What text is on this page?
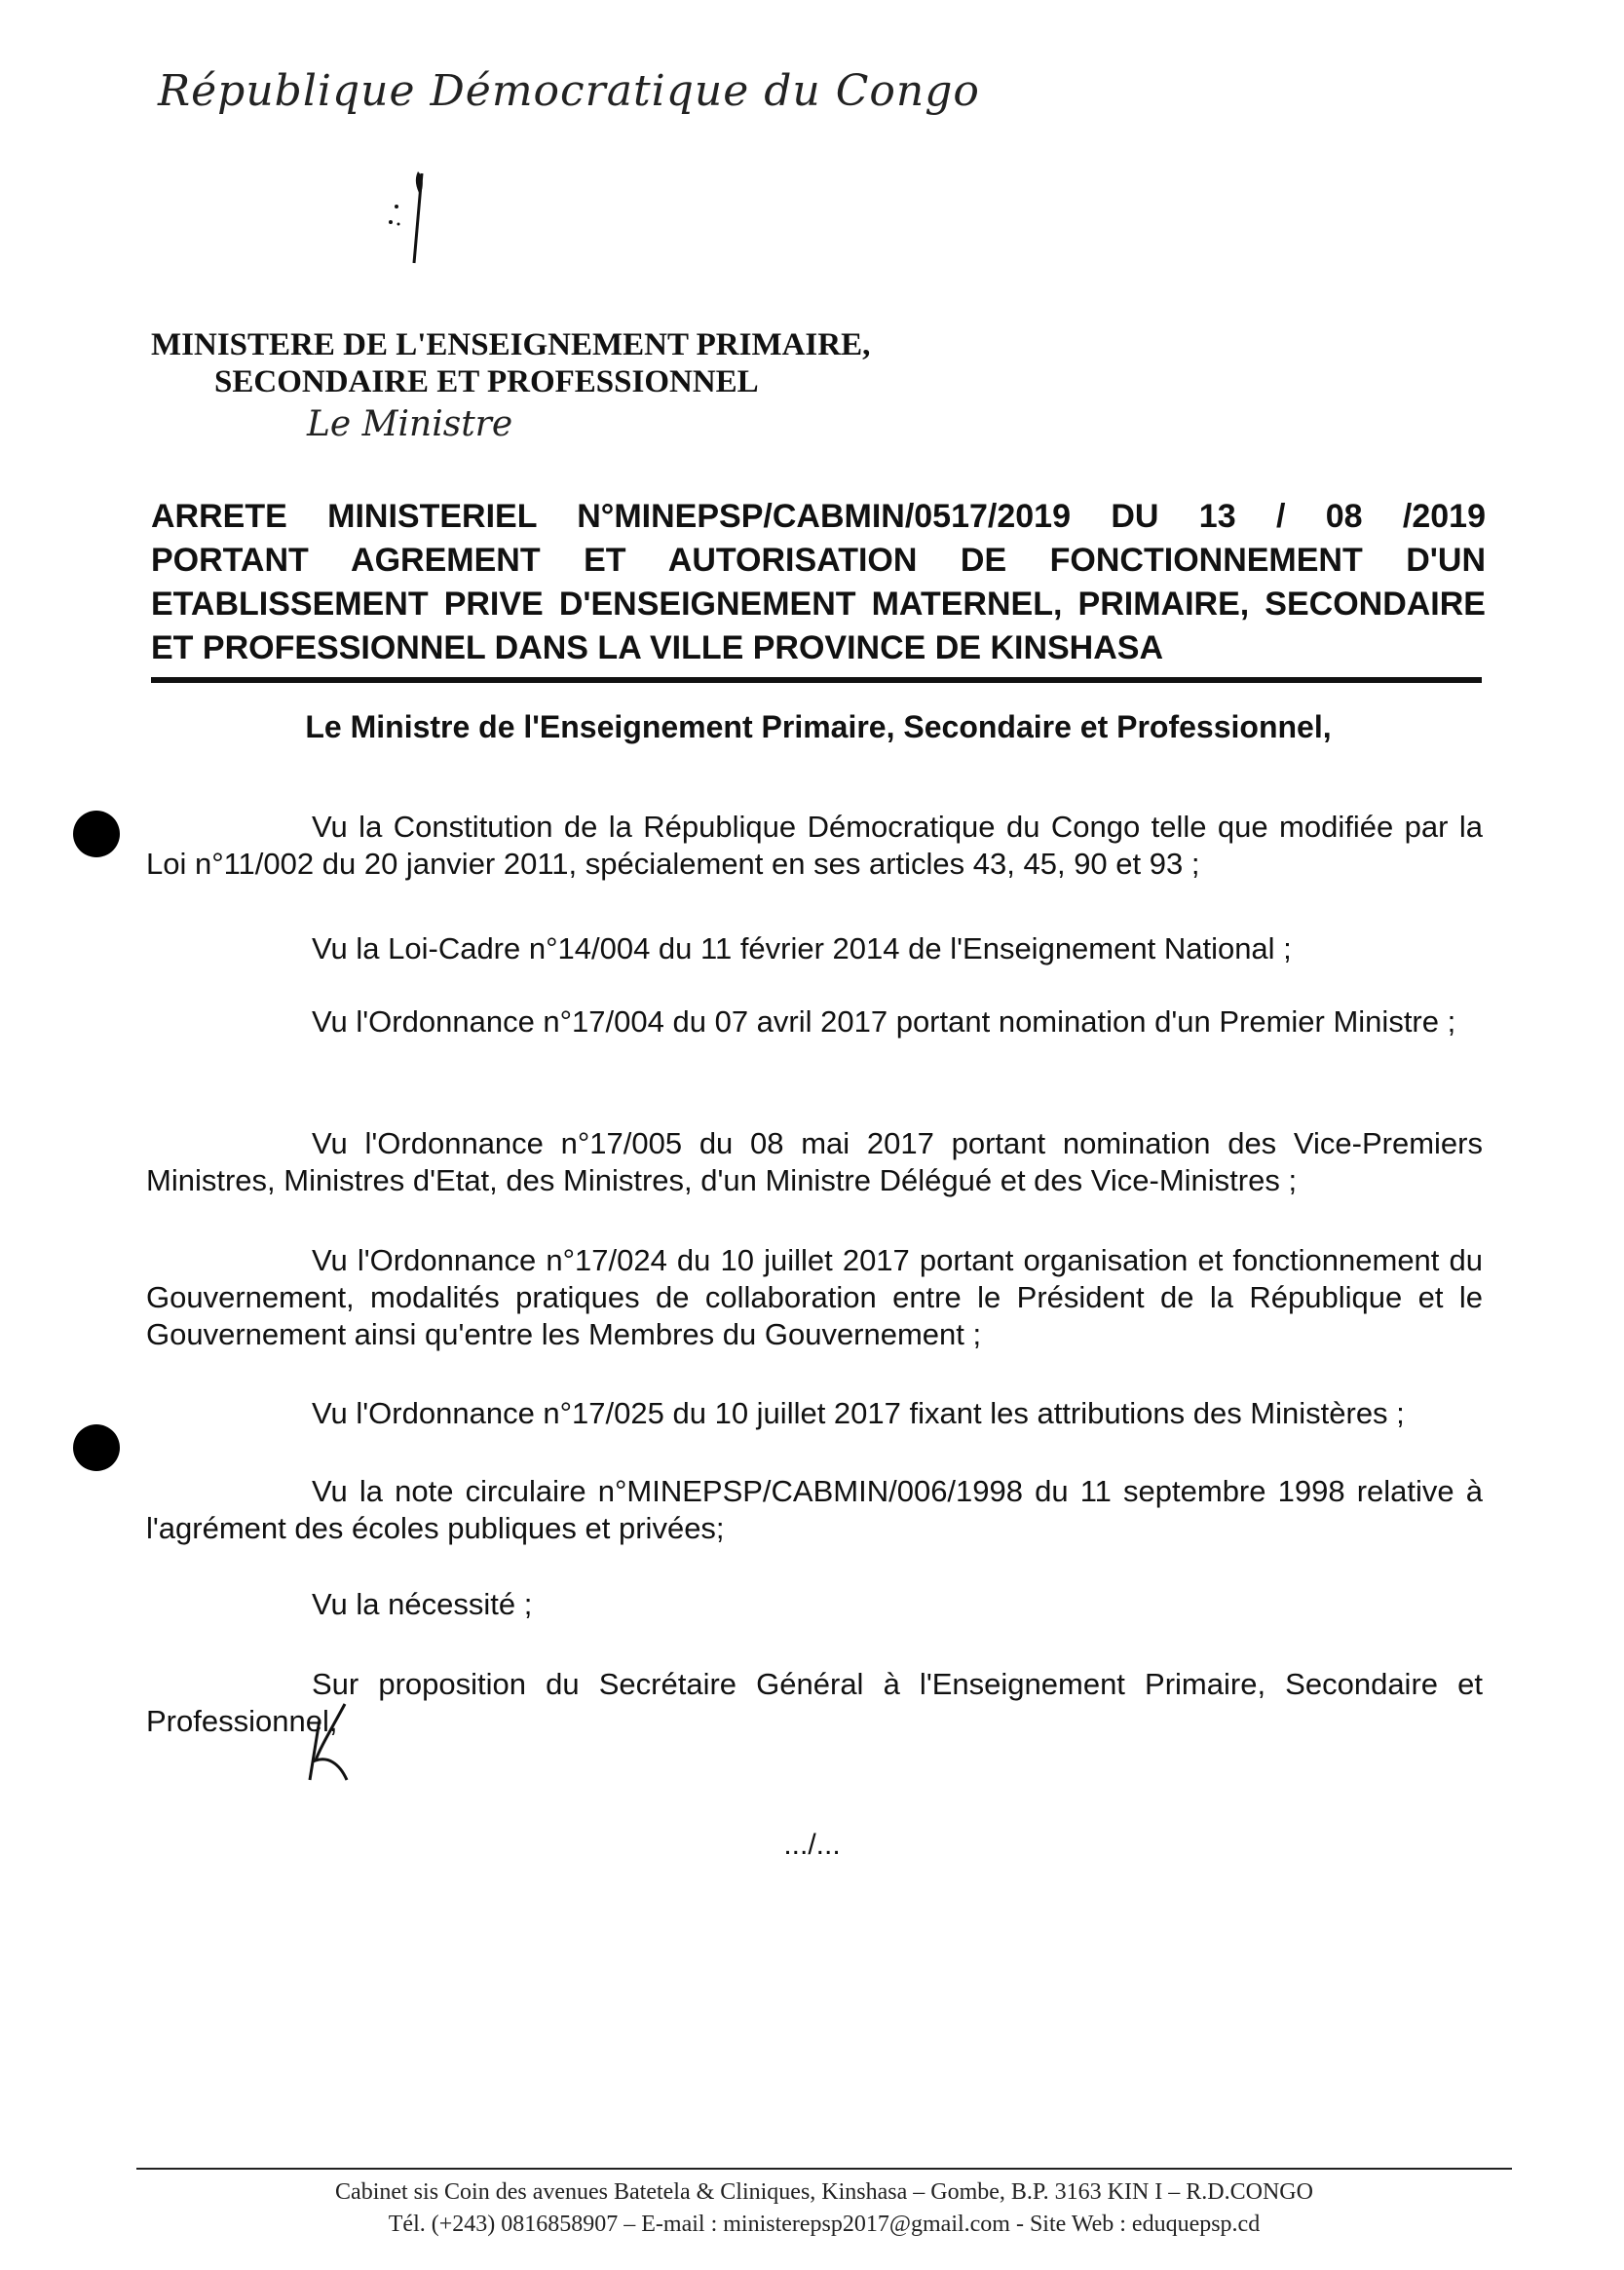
République Démocratique du Congo
MINISTERE DE L'ENSEIGNEMENT PRIMAIRE,
SECONDAIRE ET PROFESSIONNEL
Le Ministre
ARRETE MINISTERIEL N°MINEPSP/CABMIN/0517/2019 DU 13 / 08 /2019
PORTANT AGREMENT ET AUTORISATION DE FONCTIONNEMENT D'UN
ETABLISSEMENT PRIVE D'ENSEIGNEMENT MATERNEL, PRIMAIRE, SECONDAIRE
ET PROFESSIONNEL DANS LA VILLE PROVINCE DE KINSHASA
Le Ministre de l'Enseignement Primaire, Secondaire et Professionnel,
Vu la Constitution de la République Démocratique du Congo telle que modifiée par la Loi n°11/002 du 20 janvier 2011, spécialement en ses articles 43, 45, 90 et 93 ;
Vu la Loi-Cadre n°14/004 du 11 février 2014 de l'Enseignement National ;
Vu l'Ordonnance n°17/004 du 07 avril 2017 portant nomination d'un Premier Ministre ;
Vu l'Ordonnance n°17/005 du 08 mai 2017 portant nomination des Vice-Premiers Ministres, Ministres d'Etat, des Ministres, d'un Ministre Délégué et des Vice-Ministres ;
Vu l'Ordonnance n°17/024 du 10 juillet 2017 portant organisation et fonctionnement du Gouvernement, modalités pratiques de collaboration entre le Président de la République et le Gouvernement ainsi qu'entre les Membres du Gouvernement ;
Vu l'Ordonnance n°17/025 du 10 juillet 2017 fixant les attributions des Ministères ;
Vu la note circulaire n°MINEPSP/CABMIN/006/1998 du 11 septembre 1998 relative à l'agrément des écoles publiques et privées;
Vu la nécessité ;
Sur proposition du Secrétaire Général à l'Enseignement Primaire, Secondaire et Professionnel,
.../...
Cabinet sis Coin des avenues Batetela & Cliniques, Kinshasa – Gombe, B.P. 3163 KIN I – R.D.CONGO
Tél. (+243) 0816858907 – E-mail : ministerepsp2017@gmail.com - Site Web : eduquepsp.cd
